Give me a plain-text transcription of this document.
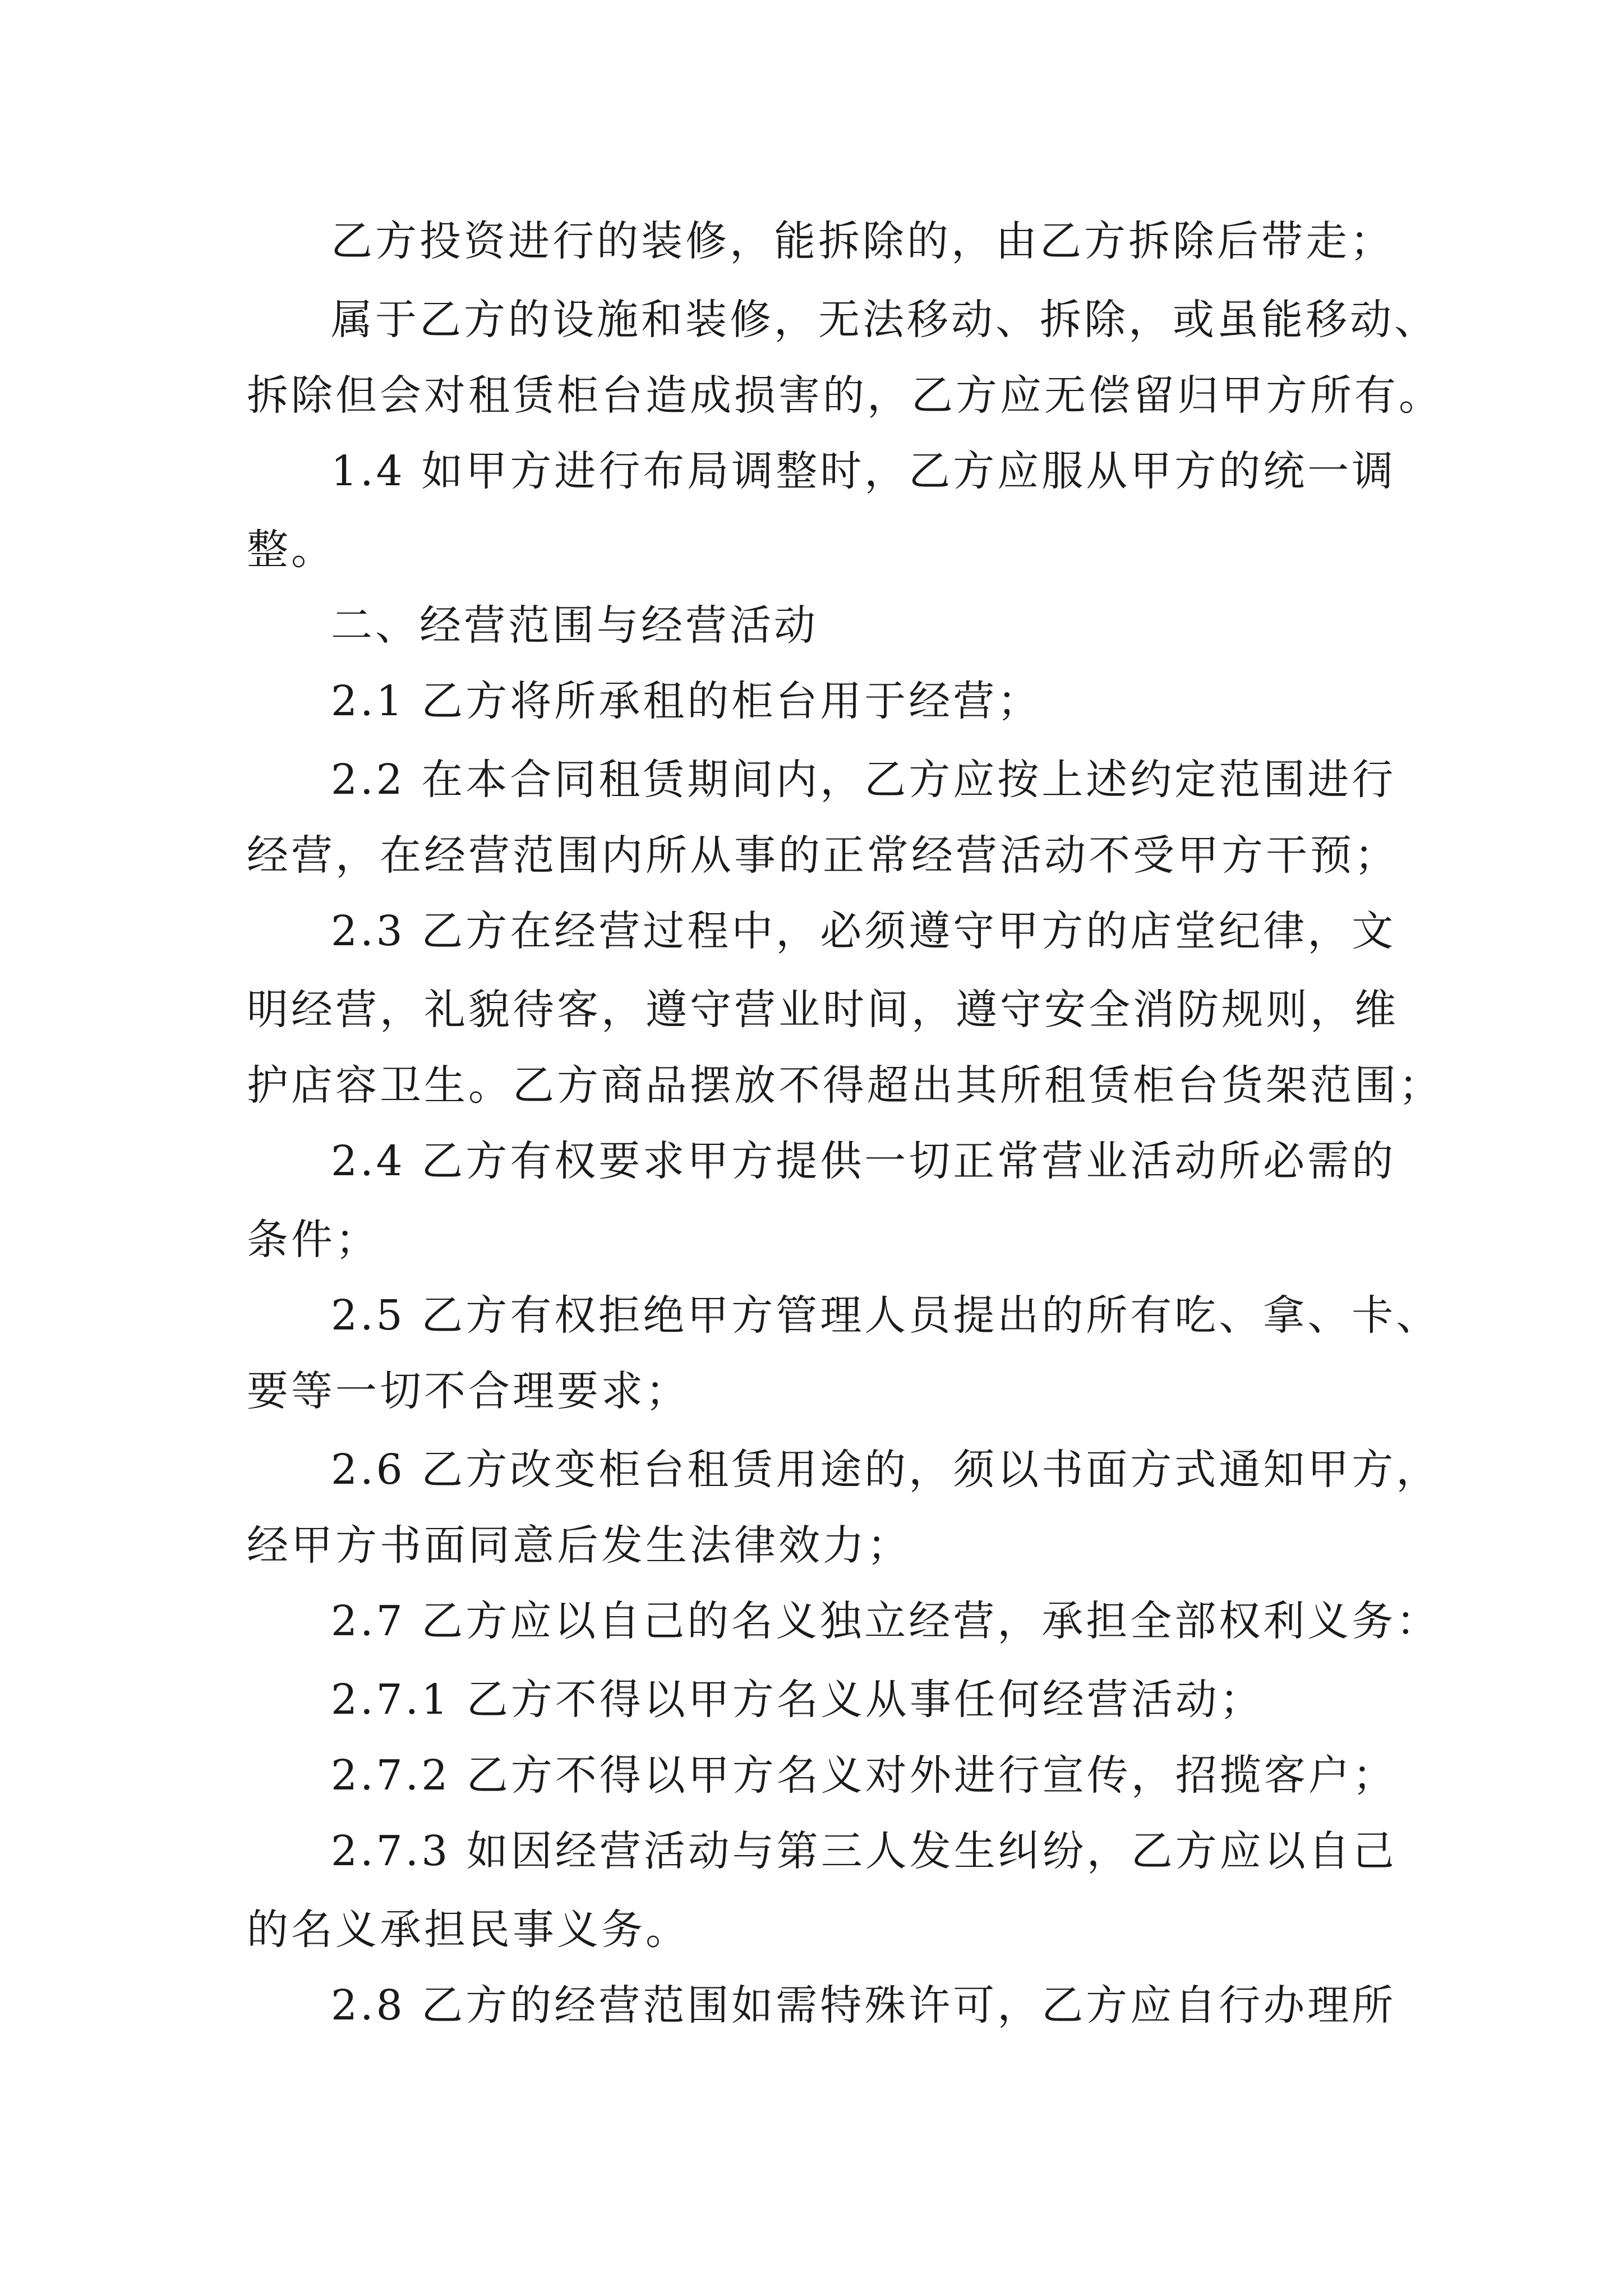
乙方投资进行的装修，能拆除的，由乙方拆除后带走；
属于乙方的设施和装修，无法移动、拆除，或虽能移动、
拆除但会对租赁柜台造成损害的，乙方应无偿留归甲方所有。
1.4 如甲方进行布局调整时，乙方应服从甲方的统一调
整。
二、经营范围与经营活动
2.1 乙方将所承租的柜台用于经营；
2.2 在本合同租赁期间内，乙方应按上述约定范围进行
经营，在经营范围内所从事的正常经营活动不受甲方干预；
2.3 乙方在经营过程中，必须遵守甲方的店堂纪律，文
明经营，礼貌待客，遵守营业时间，遵守安全消防规则，维
护店容卫生。乙方商品摆放不得超出其所租赁柜台货架范围；
2.4 乙方有权要求甲方提供一切正常营业活动所必需的
条件；
2.5 乙方有权拒绝甲方管理人员提出的所有吃、拿、卡、
要等一切不合理要求；
2.6 乙方改变柜台租赁用途的，须以书面方式通知甲方，
经甲方书面同意后发生法律效力；
2.7 乙方应以自己的名义独立经营，承担全部权利义务：
2.7.1 乙方不得以甲方名义从事任何经营活动；
2.7.2 乙方不得以甲方名义对外进行宣传，招揽客户；
2.7.3 如因经营活动与第三人发生纠纷，乙方应以自己
的名义承担民事义务。
2.8 乙方的经营范围如需特殊许可，乙方应自行办理所
